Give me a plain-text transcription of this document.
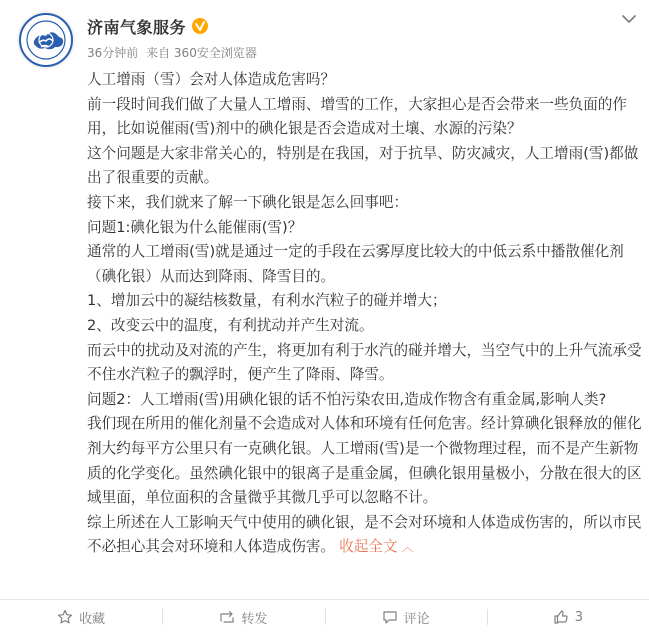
济南气象服务
36分钟前 来自 360安全浏览器

人工增雨（雪）会对人体造成危害吗？

前一段时间我们做了大量人工增雨、增雪的工作，大家担心是否会带来一些负面的作用，比如说催雨(雪)剂中的碘化银是否会造成对土壤、水源的污染？

这个问题是大家非常关心的，特别是在我国，对于抗旱、防灾减灾，人工增雨(雪)都做出了很重要的贡献。

接下来，我们就来了解一下碘化银是怎么回事吧：

问题1:碘化银为什么能催雨(雪)？

通常的人工增雨(雪)就是通过一定的手段在云雾厚度比较大的中低云系中播散催化剂（碘化银）从而达到降雨、降雪目的。

1、增加云中的凝结核数量，有利水汽粒子的碰并增大；

2、改变云中的温度，有利扰动并产生对流。

而云中的扰动及对流的产生，将更加有利于水汽的碰并增大，当空气中的上升气流承受不住水汽粒子的飘浮时，便产生了降雨、降雪。

问题2：人工增雨(雪)用碘化银的话不怕污染农田,造成作物含有重金属,影响人类?

我们现在所用的催化剂量不会造成对人体和环境有任何危害。经计算碘化银释放的催化剂大约每平方公里只有一克碘化银。人工增雨(雪)是一个微物理过程，而不是产生新物质的化学变化。虽然碘化银中的银离子是重金属，但碘化银用量极小，分散在很大的区域里面，单位面积的含量微乎其微几乎可以忽略不计。

综上所述在人工影响天气中使用的碘化银，是不会对环境和人体造成伤害的，所以市民不必担心其会对环境和人体造成伤害。 收起全文 ︿

收藏	转发	评论	3
